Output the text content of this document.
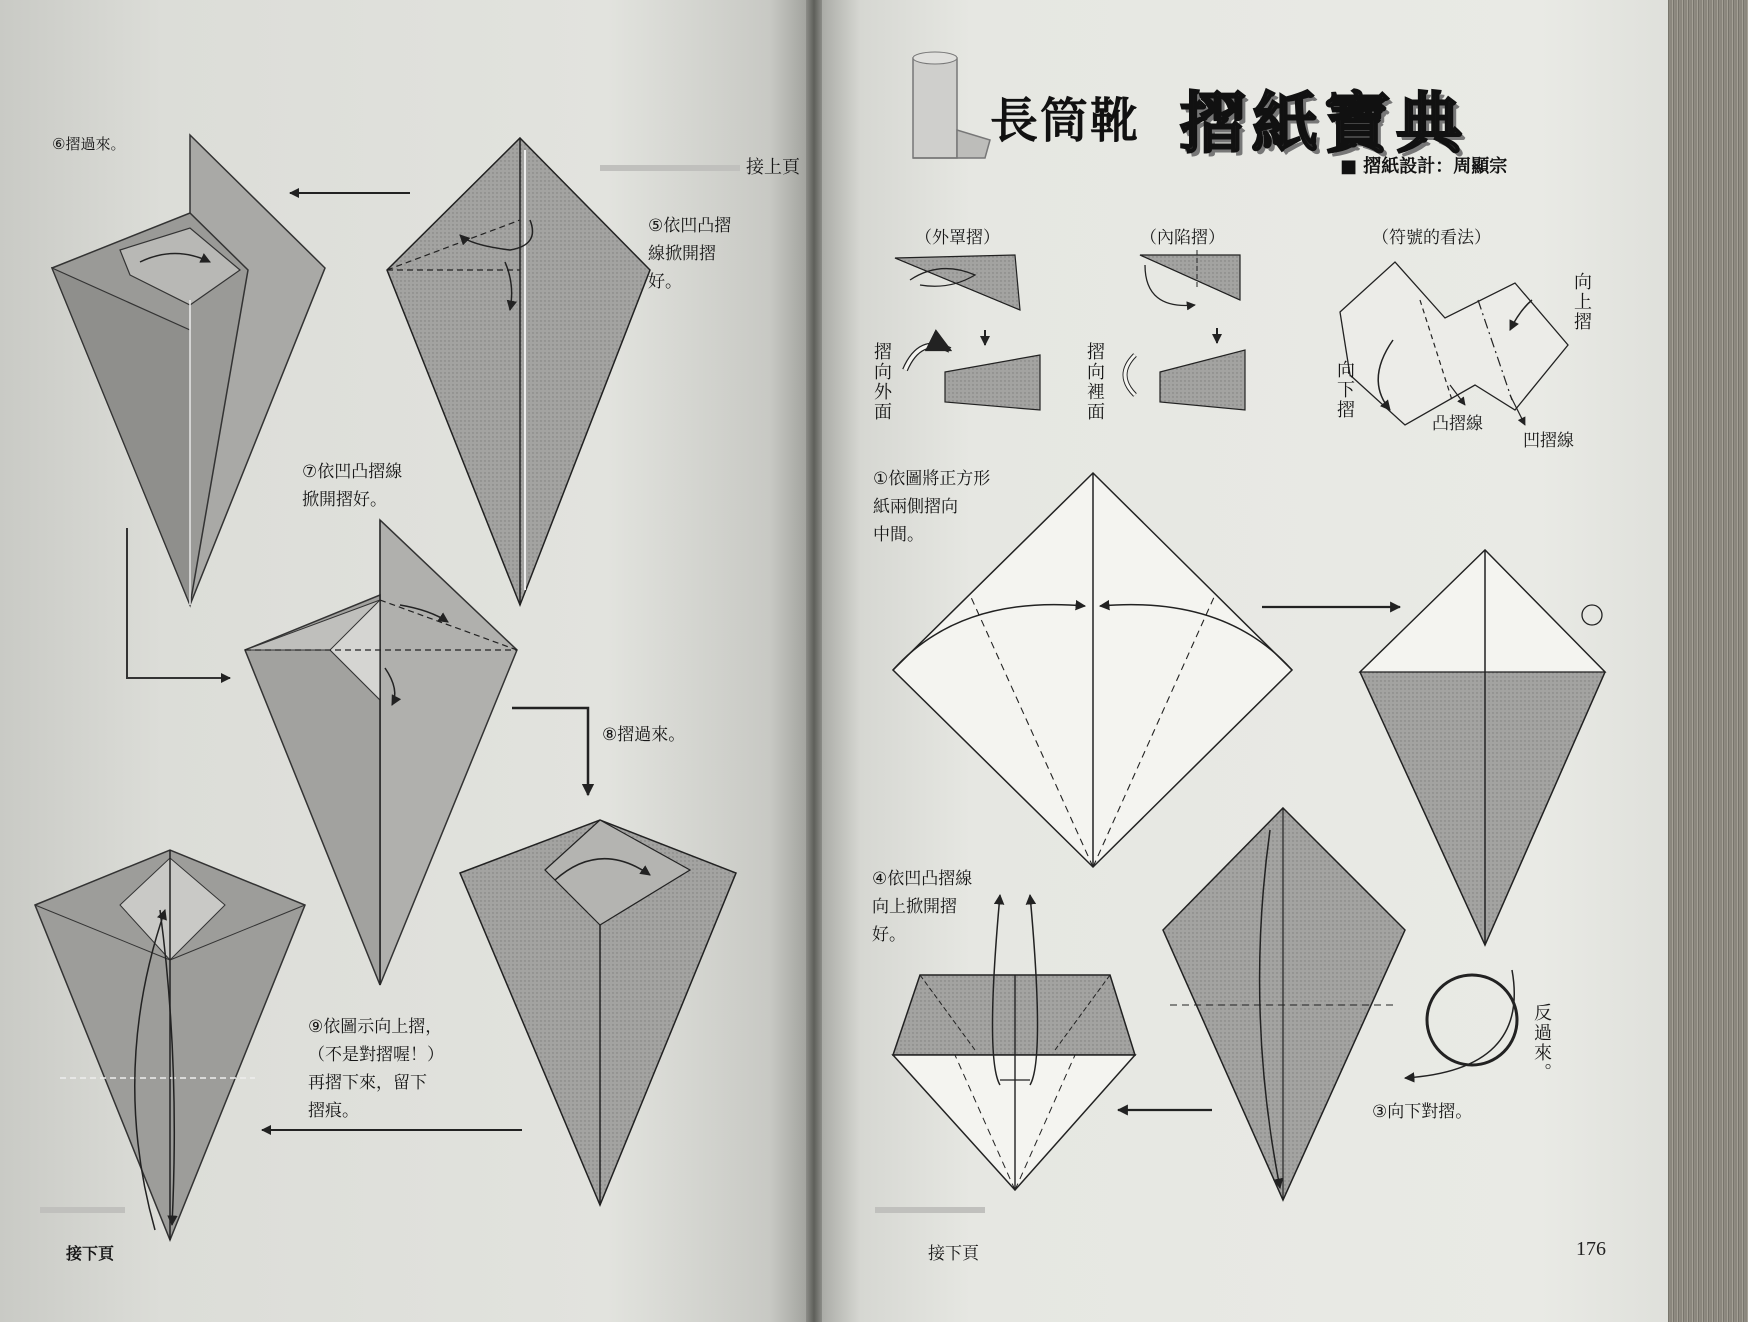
⑥摺過來。
接上頁
⑤依凹凸摺
線掀開摺
好。
⑦依凹凸摺線
掀開摺好。
⑧摺過來。
⑨依圖示向上摺，
（不是對摺喔！）
再摺下來，留下
摺痕。
接下頁
長筒靴 摺紙寶典
■ 摺紙設計：周顯宗
（外罩摺）
摺向外面
（內陷摺）
摺向裡面
（符號的看法）
向上摺
向下摺
凸摺線
凹摺線
①依圖將正方形
紙兩側摺向
中間。
③向下對摺。
反過來。
④依凹凸摺線
向上掀開摺
好。
接下頁	176
